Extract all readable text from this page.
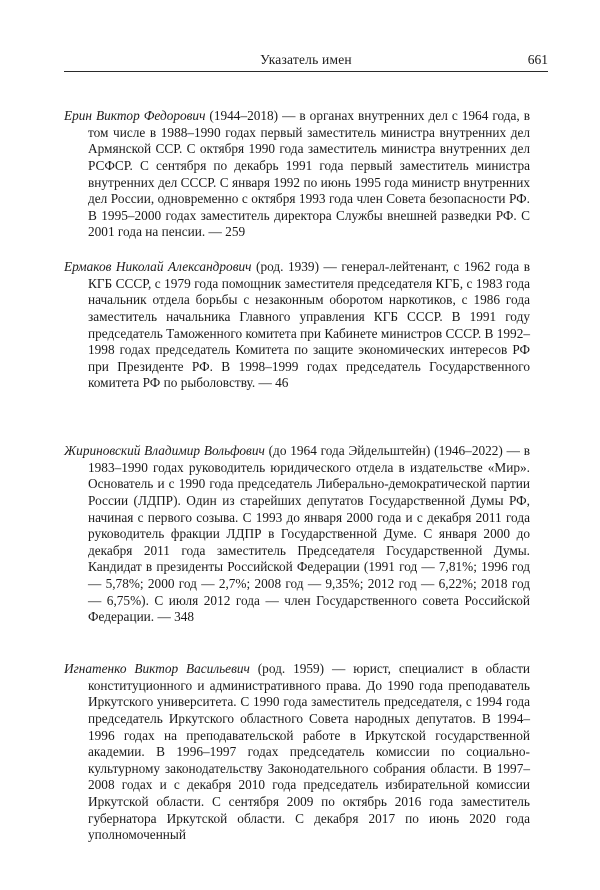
Указатель имен	661

Ерин Виктор Федорович (1944–2018) — в органах внутренних дел с 1964 года, в том числе в 1988–1990 годах первый заместитель министра внутренних дел Армянской ССР. С октября 1990 года заместитель министра внутренних дел РСФСР. С сентября по декабрь 1991 года первый заместитель министра внутренних дел СССР. С января 1992 по июнь 1995 года министр внутренних дел России, одновременно с октября 1993 года член Совета безопасности РФ. В 1995–2000 годах заместитель директора Службы внешней разведки РФ. С 2001 года на пенсии. — 259

Ермаков Николай Александрович (род. 1939) — генерал-лейтенант, с 1962 года в КГБ СССР, с 1979 года помощник заместителя председателя КГБ, с 1983 года начальник отдела борьбы с незаконным оборотом наркотиков, с 1986 года заместитель начальника Главного управления КГБ СССР. В 1991 году председатель Таможенного комитета при Кабинете министров СССР. В 1992–1998 годах председатель Комитета по защите экономических интересов РФ при Президенте РФ. В 1998–1999 годах председатель Государственного комитета РФ по рыболовству. — 46

Жириновский Владимир Вольфович (до 1964 года Эйдельштейн) (1946–2022) — в 1983–1990 годах руководитель юридического отдела в издательстве «Мир». Основатель и с 1990 года председатель Либерально-демократической партии России (ЛДПР). Один из старейших депутатов Государственной Думы РФ, начиная с первого созыва. С 1993 до января 2000 года и с декабря 2011 года руководитель фракции ЛДПР в Государственной Думе. С января 2000 до декабря 2011 года заместитель Председателя Государственной Думы. Кандидат в президенты Российской Федерации (1991 год — 7,81%; 1996 год — 5,78%; 2000 год — 2,7%; 2008 год — 9,35%; 2012 год — 6,22%; 2018 год — 6,75%). С июля 2012 года — член Государственного совета Российской Федерации. — 348

Игнатенко Виктор Васильевич (род. 1959) — юрист, специалист в области конституционного и административного права. До 1990 года преподаватель Иркутского университета. С 1990 года заместитель председателя, с 1994 года председатель Иркутского областного Совета народных депутатов. В 1994–1996 годах на преподавательской работе в Иркутской государственной академии. В 1996–1997 годах председатель комиссии по социально-культурному законодательству Законодательного собрания области. В 1997–2008 годах и с декабря 2010 года председатель избирательной комиссии Иркутской области. С сентября 2009 по октябрь 2016 года заместитель губернатора Иркутской области. С декабря 2017 по июнь 2020 года уполномоченный
